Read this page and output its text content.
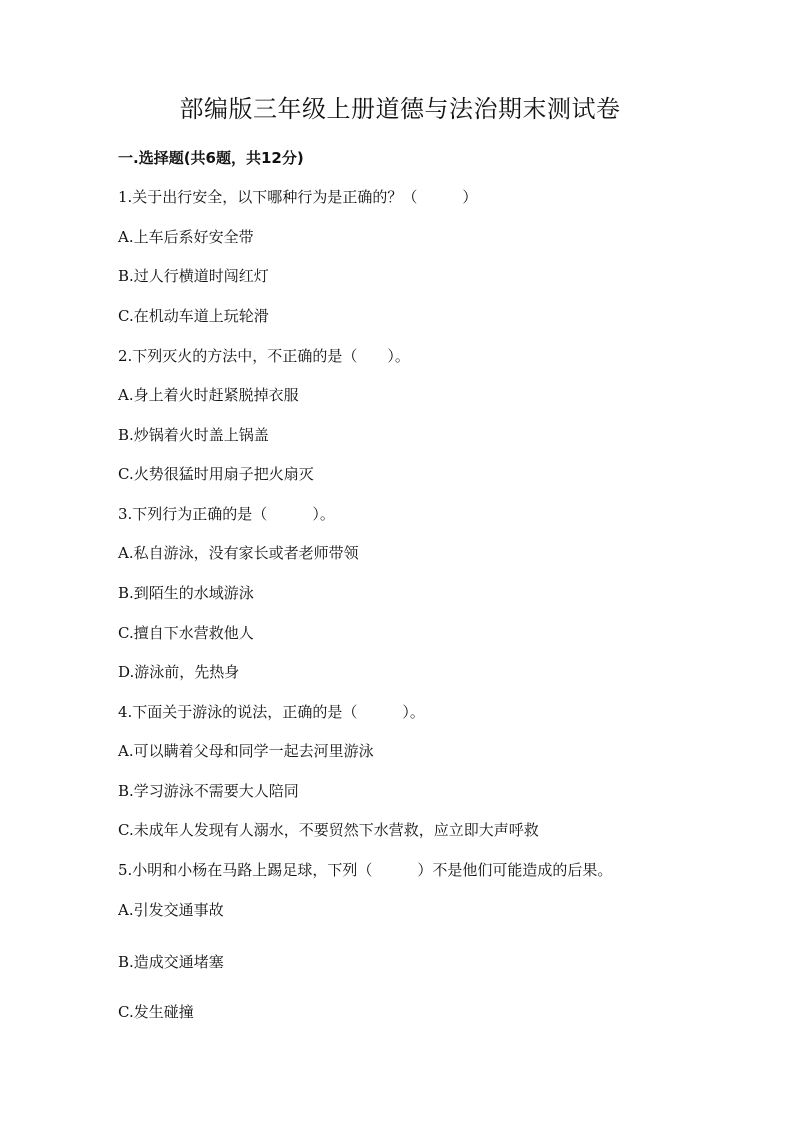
部编版三年级上册道德与法治期末测试卷
一.选择题(共6题，共12分)
1.关于出行安全，以下哪种行为是正确的？（　　　）
A.上车后系好安全带
B.过人行横道时闯红灯
C.在机动车道上玩轮滑
2.下列灭火的方法中，不正确的是（　　）。
A.身上着火时赶紧脱掉衣服
B.炒锅着火时盖上锅盖
C.火势很猛时用扇子把火扇灭
3.下列行为正确的是（　　　）。
A.私自游泳，没有家长或者老师带领
B.到陌生的水域游泳
C.擅自下水营救他人
D.游泳前，先热身
4.下面关于游泳的说法，正确的是（　　　）。
A.可以瞒着父母和同学一起去河里游泳
B.学习游泳不需要大人陪同
C.未成年人发现有人溺水，不要贸然下水营救，应立即大声呼救
5.小明和小杨在马路上踢足球，下列（　　　）不是他们可能造成的后果。
A.引发交通事故
B.造成交通堵塞
C.发生碰撞
